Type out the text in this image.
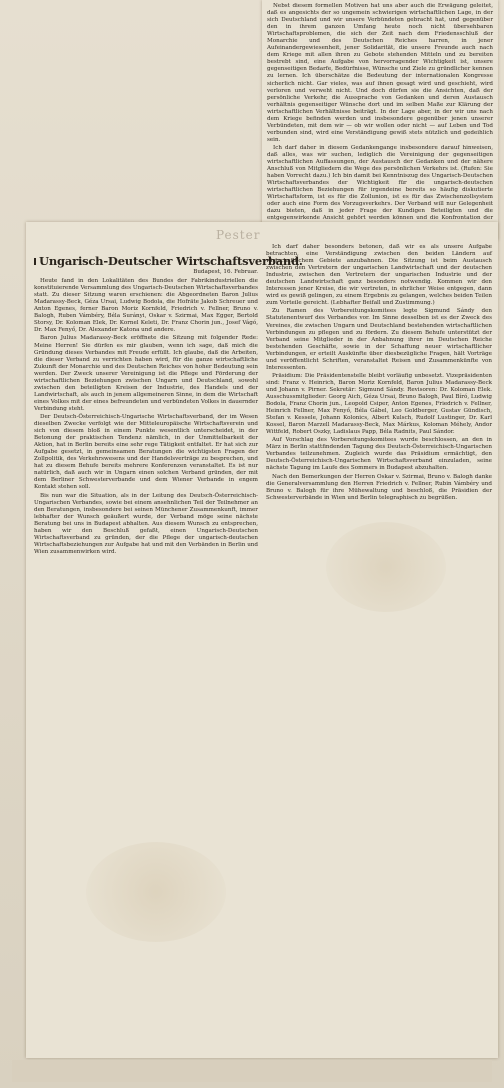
Nebst diesem formellen Motiven hat uns aber auch die Erwägung geleitet, daß es angesichts der so ungemein schwierigen wirtschaftlichen Lage, in der sich Deutschland und wir unsere Verbündeten gebracht hat, und gegenüber den in ihrem ganzen Umfang heute noch nicht übersehbaren Wirtschaftsproblemen, die sich der Zeit nach dem Friedensschluß der Monarchie und des Deutschen Reiches harren, in jener Aufeinandergewiesenheit, jener Solidarität, die unsere Freunde auch nach dem Kriege mit allen ihren zu Gebote stehenden Mitteln und zu bereiten bestrebt sind, eine Aufgabe von hervorragender Wichtigkeit ist, unsere gegenseitigen Bedarfe, Bedürfnisse, Wünsche und Ziele zu gründlicher kennen zu lernen. Ich überschätze die Bedeutung der internationalen Kongresse sicherlich nicht. Gar vieles, was auf ihnen gesagt wird und geschieht, wird verloren und verweht nicht. Und doch dürfen sie die Ansichten, daß der persönliche Verkehr, die Aussprache von Gedanken und deren Austausch verhältnis gegenseitiger Wünsche dort und im selben Maße zur Klärung der wirtschaftlichen Verhältnisse beiträgt. In der Lage aber, in der wir uns nach dem Kriege befinden werden und insbesondere gegenüber jenen unserer Verbündeten, mit dem wir — ob wir wollen oder nicht — auf Leben und Tod verbunden sind, wird eine Verständigung gewiß stets nützlich und gedeihlich sein.

Ich darf daher in diesem Gedankengange insbesondere darauf hinweisen, daß alles, was wir suchen, lediglich die Vereinigung der gegenseitigen wirtschaftlichen Auffassungen, der Austausch der Gedanken und der nähere Anschluß von Mitgliedern die Wege des persönlichen Verkehrs ist. (Rufen: Sie haben Vorrecht dazu.) Ich bin damit bei Kenntniszug des Ungarisch-Deutschen Wirtschaftsverbandes der Wichtigkeit für die ungarisch-deutschen wirtschaftlichen Beziehungen für irgendeine bereits so häufig diskutierte Wirtschaftsform, ist es für die Zollunion, ist es für das Zwischenzollsystem oder auch eine Form des Vorzugsverkehrs. Der Verband will nur Gelegenheit dazu bieten, daß in jeder Frage der Kundigen Beteiligten und die entgegenwirkende Ansicht gehört werden können und die Konfrontation der

Pester
Ungarisch-Deutscher Wirtschaftsverband.
Budapest, 16. Februar.

Heute fand in den Lokalitäten des Bundes der Fabrikindustriellen die konstituierende Versammlung des Ungarisch-Deutschen Wirtschaftsverbandes statt. Zu dieser Sitzung waren erschienen: die Abgeordneten Baron Julius Madarassy-Beck, Géza Ursai, Ludwig Bodola, die Hofräte Jakob Schreuer und Anton Egenes, ferner Baron Moriz Kornfeld, Friedrich v. Fellner, Bruno v. Balogh, Ruben Vámbéry, Béla Surányi, Oskar v. Szirmai, Max Egger, Bertold Storsy, Dr. Koloman Elek, Dr. Kornel Keleti, Dr. Franz Chorin jun., Josef Vágó, Dr. Max Fenyő, Dr. Alexander Katona und andere.

Baron Julius Madarassy-Beck eröffnete die Sitzung mit folgender Rede: Meine Herren! Sie dürfen es mir glauben, wenn ich sage, daß mich die Gründung dieses Verbandes mit Freude erfüllt. Ich glaube, daß die Arbeiten, die dieser Verband zu verrichten haben wird, für die ganze wirtschaftliche Zukunft der Monarchie und des Deutschen Reiches von hoher Bedeutung sein werden. Der Zweck unserer Vereinigung ist die Pflege und Förderung der wirtschaftlichen Beziehungen zwischen Ungarn und Deutschland, sowohl zwischen den beteiligten Kreisen der Industrie, des Handels und der Landwirtschaft, als auch in jenem allgemeineren Sinne, in dem die Wirtschaft eines Volkes mit der eines befreundeten und verbündeten Volkes in dauernder Verbindung steht.

Der Deutsch-Österreichisch-Ungarische Wirtschaftsverband, der im Wesen dieselben Zwecke verfolgt wie der Mitteleuropäische Wirtschaftsverein und sich von diesem bloß in einem Punkte wesentlich unterscheidet, in der Betonung der praktischen Tendenz nämlich, in der Unmittelbarkeit der Aktion, hat in Berlin bereits eine sehr rege Tätigkeit entfaltet. Er hat sich zur Aufgabe gesetzt, in gemeinsamen Beratungen die wichtigsten Fragen der Zollpolitik, des Verkehrswesens und der Handelsverträge zu besprechen, und hat zu diesem Behufe bereits mehrere Konferenzen veranstaltet. Es ist nur natürlich, daß auch wir in Ungarn einen solchen Verband gründen, der mit dem Berliner Schwesterverbande und dem Wiener Verbande in engem Kontakt stehen soll.

Bis nun war die Situation, als in der Leitung des Deutsch-Österreichisch-Ungarischen Verbandes, sowie bei einem ansehnlichen Teil der Teilnehmer an den Beratungen, insbesondere bei seinen Münchener Zusammenkunft, immer lebhafter der Wunsch geäußert wurde, der Verband möge seine nächste Beratung bei uns in Budapest abhalten. Aus diesem Wunsch zu entsprechen, haben wir den Beschluß gefaßt, einen Ungarisch-Deutschen Wirtschaftsverband zu gründen, der die Pflege der ungarisch-deutschen Wirtschaftsbeziehungen zur Aufgabe hat und mit den Verbänden in Berlin und Wien zusammenwirken wird.

Ich darf daher besonders betonen, daß wir es als unsere Aufgabe betrachten, eine Verständigung zwischen den beiden Ländern auf wirtschaftlichem Gebiete anzubahnen. Die Sitzung ist beim Austausch zwischen den Vertretern der ungarischen Landwirtschaft und der deutschen Industrie, zwischen den Vertretern der ungarischen Industrie und der deutschen Landwirtschaft ganz besonders notwendig. Kommen wir den Interessen jener Kreise, die wir vertreten, in ehrlicher Weise entgegen, dann wird es gewiß gelingen, zu einem Ergebnis zu gelangen, welches beiden Teilen zum Vorteile gereicht. (Lebhafter Beifall und Zustimmung.)

Zu Ramen des Vorbereitungskomitees legte Sigmund Sándy den Statutenentwurf des Verbandes vor. Im Sinne desselben ist es der Zweck des Vereines, die zwischen Ungarn und Deutschland bestehenden wirtschaftlichen Verbindungen zu pflegen und zu fördern. Zu diesem Behufe unterstützt der Verband seine Mitglieder in der Anbahnung ihrer im Deutschen Reiche bestehenden Geschäfte, sowie in der Schaffung neuer wirtschaftlicher Verbindungen, er erteilt Auskünfte über diesbezügliche Fragen, hält Vorträge und veröffentlicht Schriften, veranstaltet Reisen und Zusammenkünfte von Interessenten.

Präsidium: Die Präsidentenstelle bleibt vorläufig unbesetzt. Vizepräsidenten sind: Franz v. Heinrich, Baron Moriz Kornfeld, Baron Julius Madarassy-Beck und Johann v. Pirner. Sekretär: Sigmund Sándy. Revisoren: Dr. Koloman Elek. Ausschussmitglieder: Georg Aich, Géza Ursai, Bruno Balogh, Paul Bíró, Ludwig Bodola, Franz Chorin jun., Leopold Csiper, Anton Egenes, Friedrich v. Fellner, Heinrich Fellner, Max Fenyő, Béla Gábel, Leo Goldberger, Gustav Gündisch, Stefan v. Kessele, Johann Kolonics, Albert Kulsch, Rudolf Lustinger, Dr. Karl Kossel, Baron Marzell Madarassy-Beck, Max Márkus, Koloman Méhely, Andor Wittfeld, Robert Oszky, Ladislaus Papp, Béla Radnits, Paul Sándor.

Auf Vorschlag des Vorbereitungskomitees wurde beschlossen, an den in März in Berlin stattfindenden Tagung des Deutsch-Österreichisch-Ungarischen Verbandes teilzunehmen. Zugleich wurde das Präsidium ermächtigt, den Deutsch-Österreichisch-Ungarischen Wirtschaftsverband einzuladen, seine nächste Tagung im Laufe des Sommers in Budapest abzuhalten.

Nach den Bemerkungen der Herren Oskar v. Szirmai, Bruno v. Balogh danke die Generalversammlung den Herren Friedrich v. Fellner, Rubin Vámbéry und Bruno v. Balogh für ihre Mühewaltung und beschloß, die Präsidien der Schwesterverbände in Wien und Berlin telegraphisch zu begrüßen.
